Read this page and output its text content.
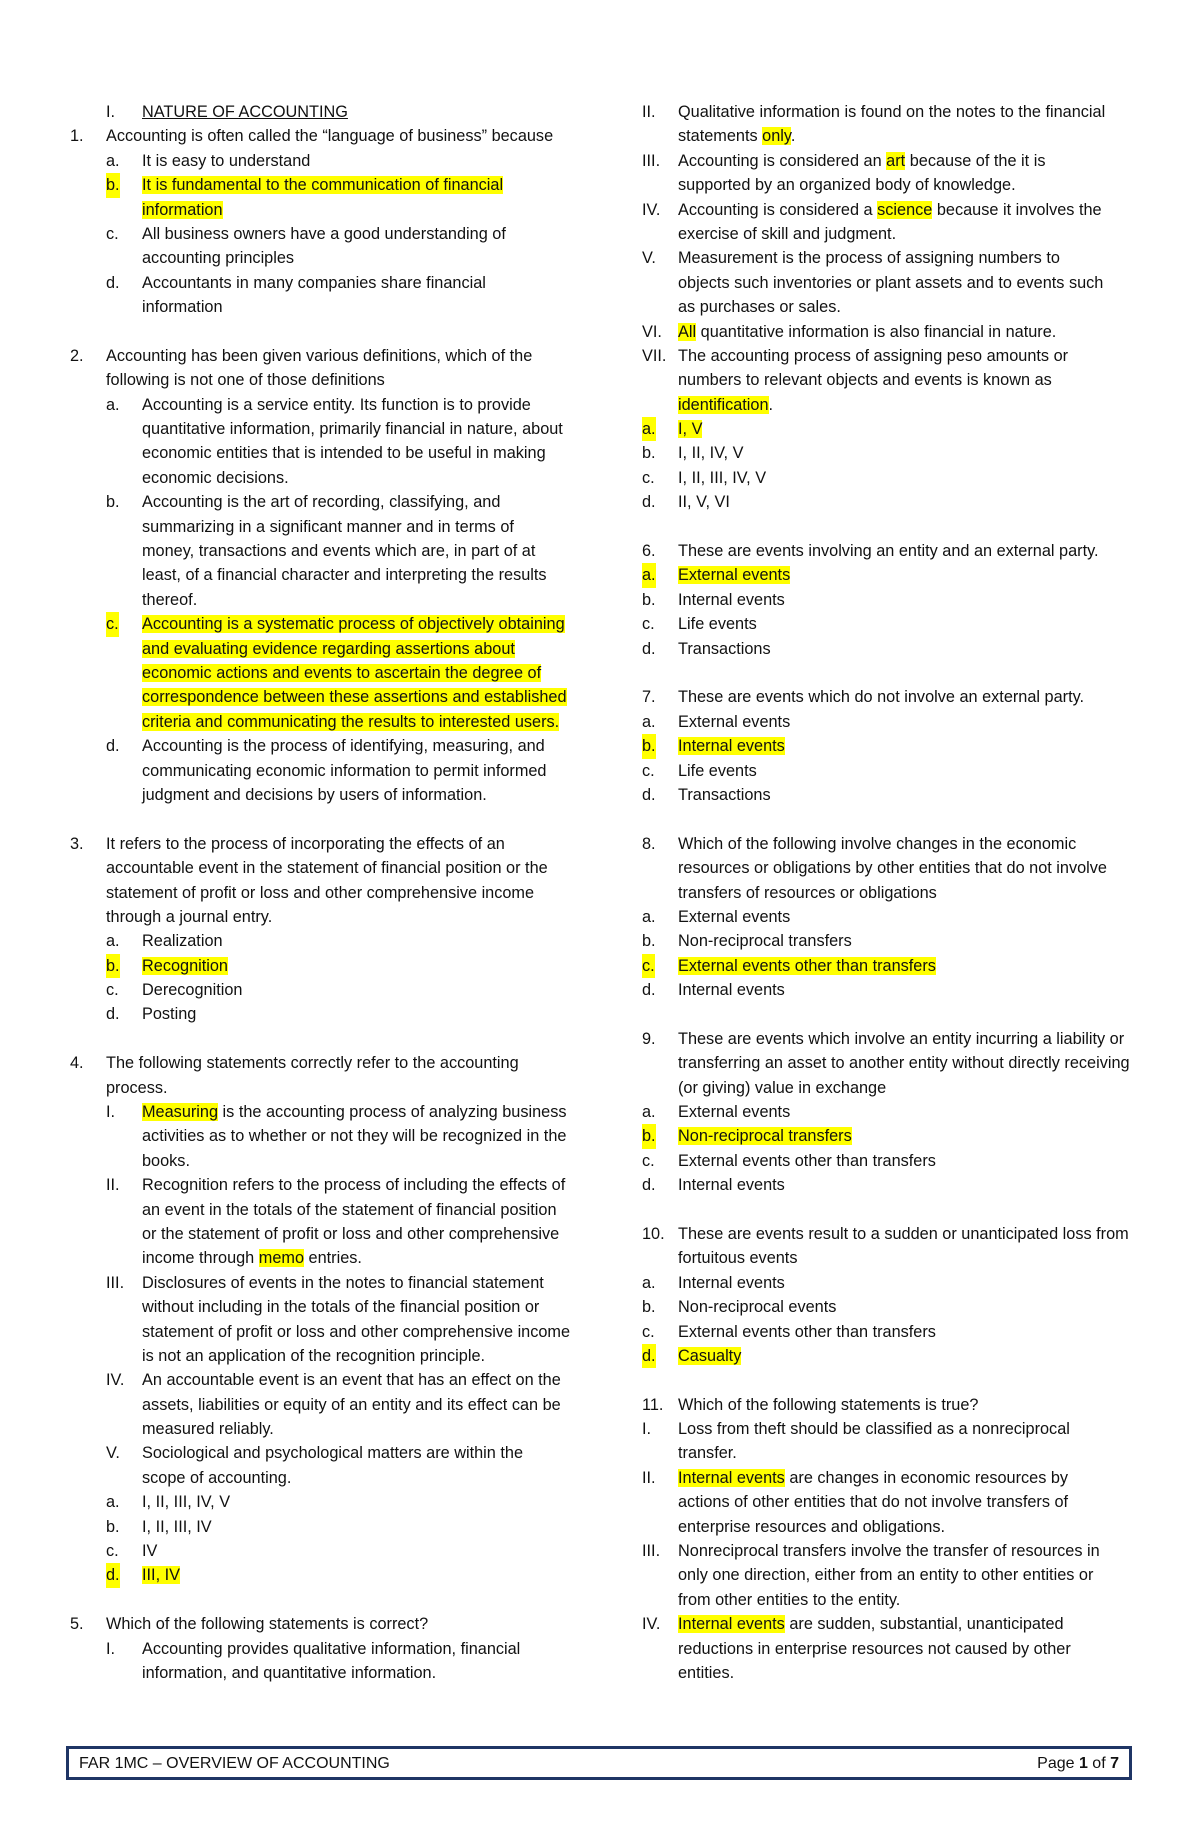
I. NATURE OF ACCOUNTING
1. Accounting is often called the “language of business” because
a. It is easy to understand
b. It is fundamental to the communication of financial
information
c. All business owners have a good understanding of
accounting principles
d. Accountants in many companies share financial
information
2. Accounting has been given various definitions, which of the
following is not one of those definitions
a. Accounting is a service entity. Its function is to provide
quantitative information, primarily financial in nature, about
economic entities that is intended to be useful in making
economic decisions.
b. Accounting is the art of recording, classifying, and
summarizing in a significant manner and in terms of
money, transactions and events which are, in part of at
least, of a financial character and interpreting the results
thereof.
c. Accounting is a systematic process of objectively obtaining
and evaluating evidence regarding assertions about
economic actions and events to ascertain the degree of
correspondence between these assertions and established
criteria and communicating the results to interested users.
d. Accounting is the process of identifying, measuring, and
communicating economic information to permit informed
judgment and decisions by users of information.
3. It refers to the process of incorporating the effects of an
accountable event in the statement of financial position or the
statement of profit or loss and other comprehensive income
through a journal entry.
a. Realization
b. Recognition
c. Derecognition
d. Posting
4. The following statements correctly refer to the accounting
process.
I. Measuring is the accounting process of analyzing business
activities as to whether or not they will be recognized in the
books.
II. Recognition refers to the process of including the effects of
an event in the totals of the statement of financial position
or the statement of profit or loss and other comprehensive
income through memo entries.
III. Disclosures of events in the notes to financial statement
without including in the totals of the financial position or
statement of profit or loss and other comprehensive income
is not an application of the recognition principle.
IV. An accountable event is an event that has an effect on the
assets, liabilities or equity of an entity and its effect can be
measured reliably.
V. Sociological and psychological matters are within the
scope of accounting.
a. I, II, III, IV, V
b. I, II, III, IV
c. IV
d. III, IV
5. Which of the following statements is correct?
I. Accounting provides qualitative information, financial
information, and quantitative information.
II. Qualitative information is found on the notes to the financial
statements only.
III. Accounting is considered an art because of the it is
supported by an organized body of knowledge.
IV. Accounting is considered a science because it involves the
exercise of skill and judgment.
V. Measurement is the process of assigning numbers to
objects such inventories or plant assets and to events such
as purchases or sales.
VI. All quantitative information is also financial in nature.
VII. The accounting process of assigning peso amounts or
numbers to relevant objects and events is known as
identification.
a. I, V
b. I, II, IV, V
c. I, II, III, IV, V
d. II, V, VI
6. These are events involving an entity and an external party.
a. External events
b. Internal events
c. Life events
d. Transactions
7. These are events which do not involve an external party.
a. External events
b. Internal events
c. Life events
d. Transactions
8. Which of the following involve changes in the economic
resources or obligations by other entities that do not involve
transfers of resources or obligations
a. External events
b. Non-reciprocal transfers
c. External events other than transfers
d. Internal events
9. These are events which involve an entity incurring a liability or
transferring an asset to another entity without directly receiving
(or giving) value in exchange
a. External events
b. Non-reciprocal transfers
c. External events other than transfers
d. Internal events
10. These are events result to a sudden or unanticipated loss from
fortuitous events
a. Internal events
b. Non-reciprocal events
c. External events other than transfers
d. Casualty
11. Which of the following statements is true?
I. Loss from theft should be classified as a nonreciprocal
transfer.
II. Internal events are changes in economic resources by
actions of other entities that do not involve transfers of
enterprise resources and obligations.
III. Nonreciprocal transfers involve the transfer of resources in
only one direction, either from an entity to other entities or
from other entities to the entity.
IV. Internal events are sudden, substantial, unanticipated
reductions in enterprise resources not caused by other
entities.
FAR 1MC – OVERVIEW OF ACCOUNTING	Page 1 of 7
